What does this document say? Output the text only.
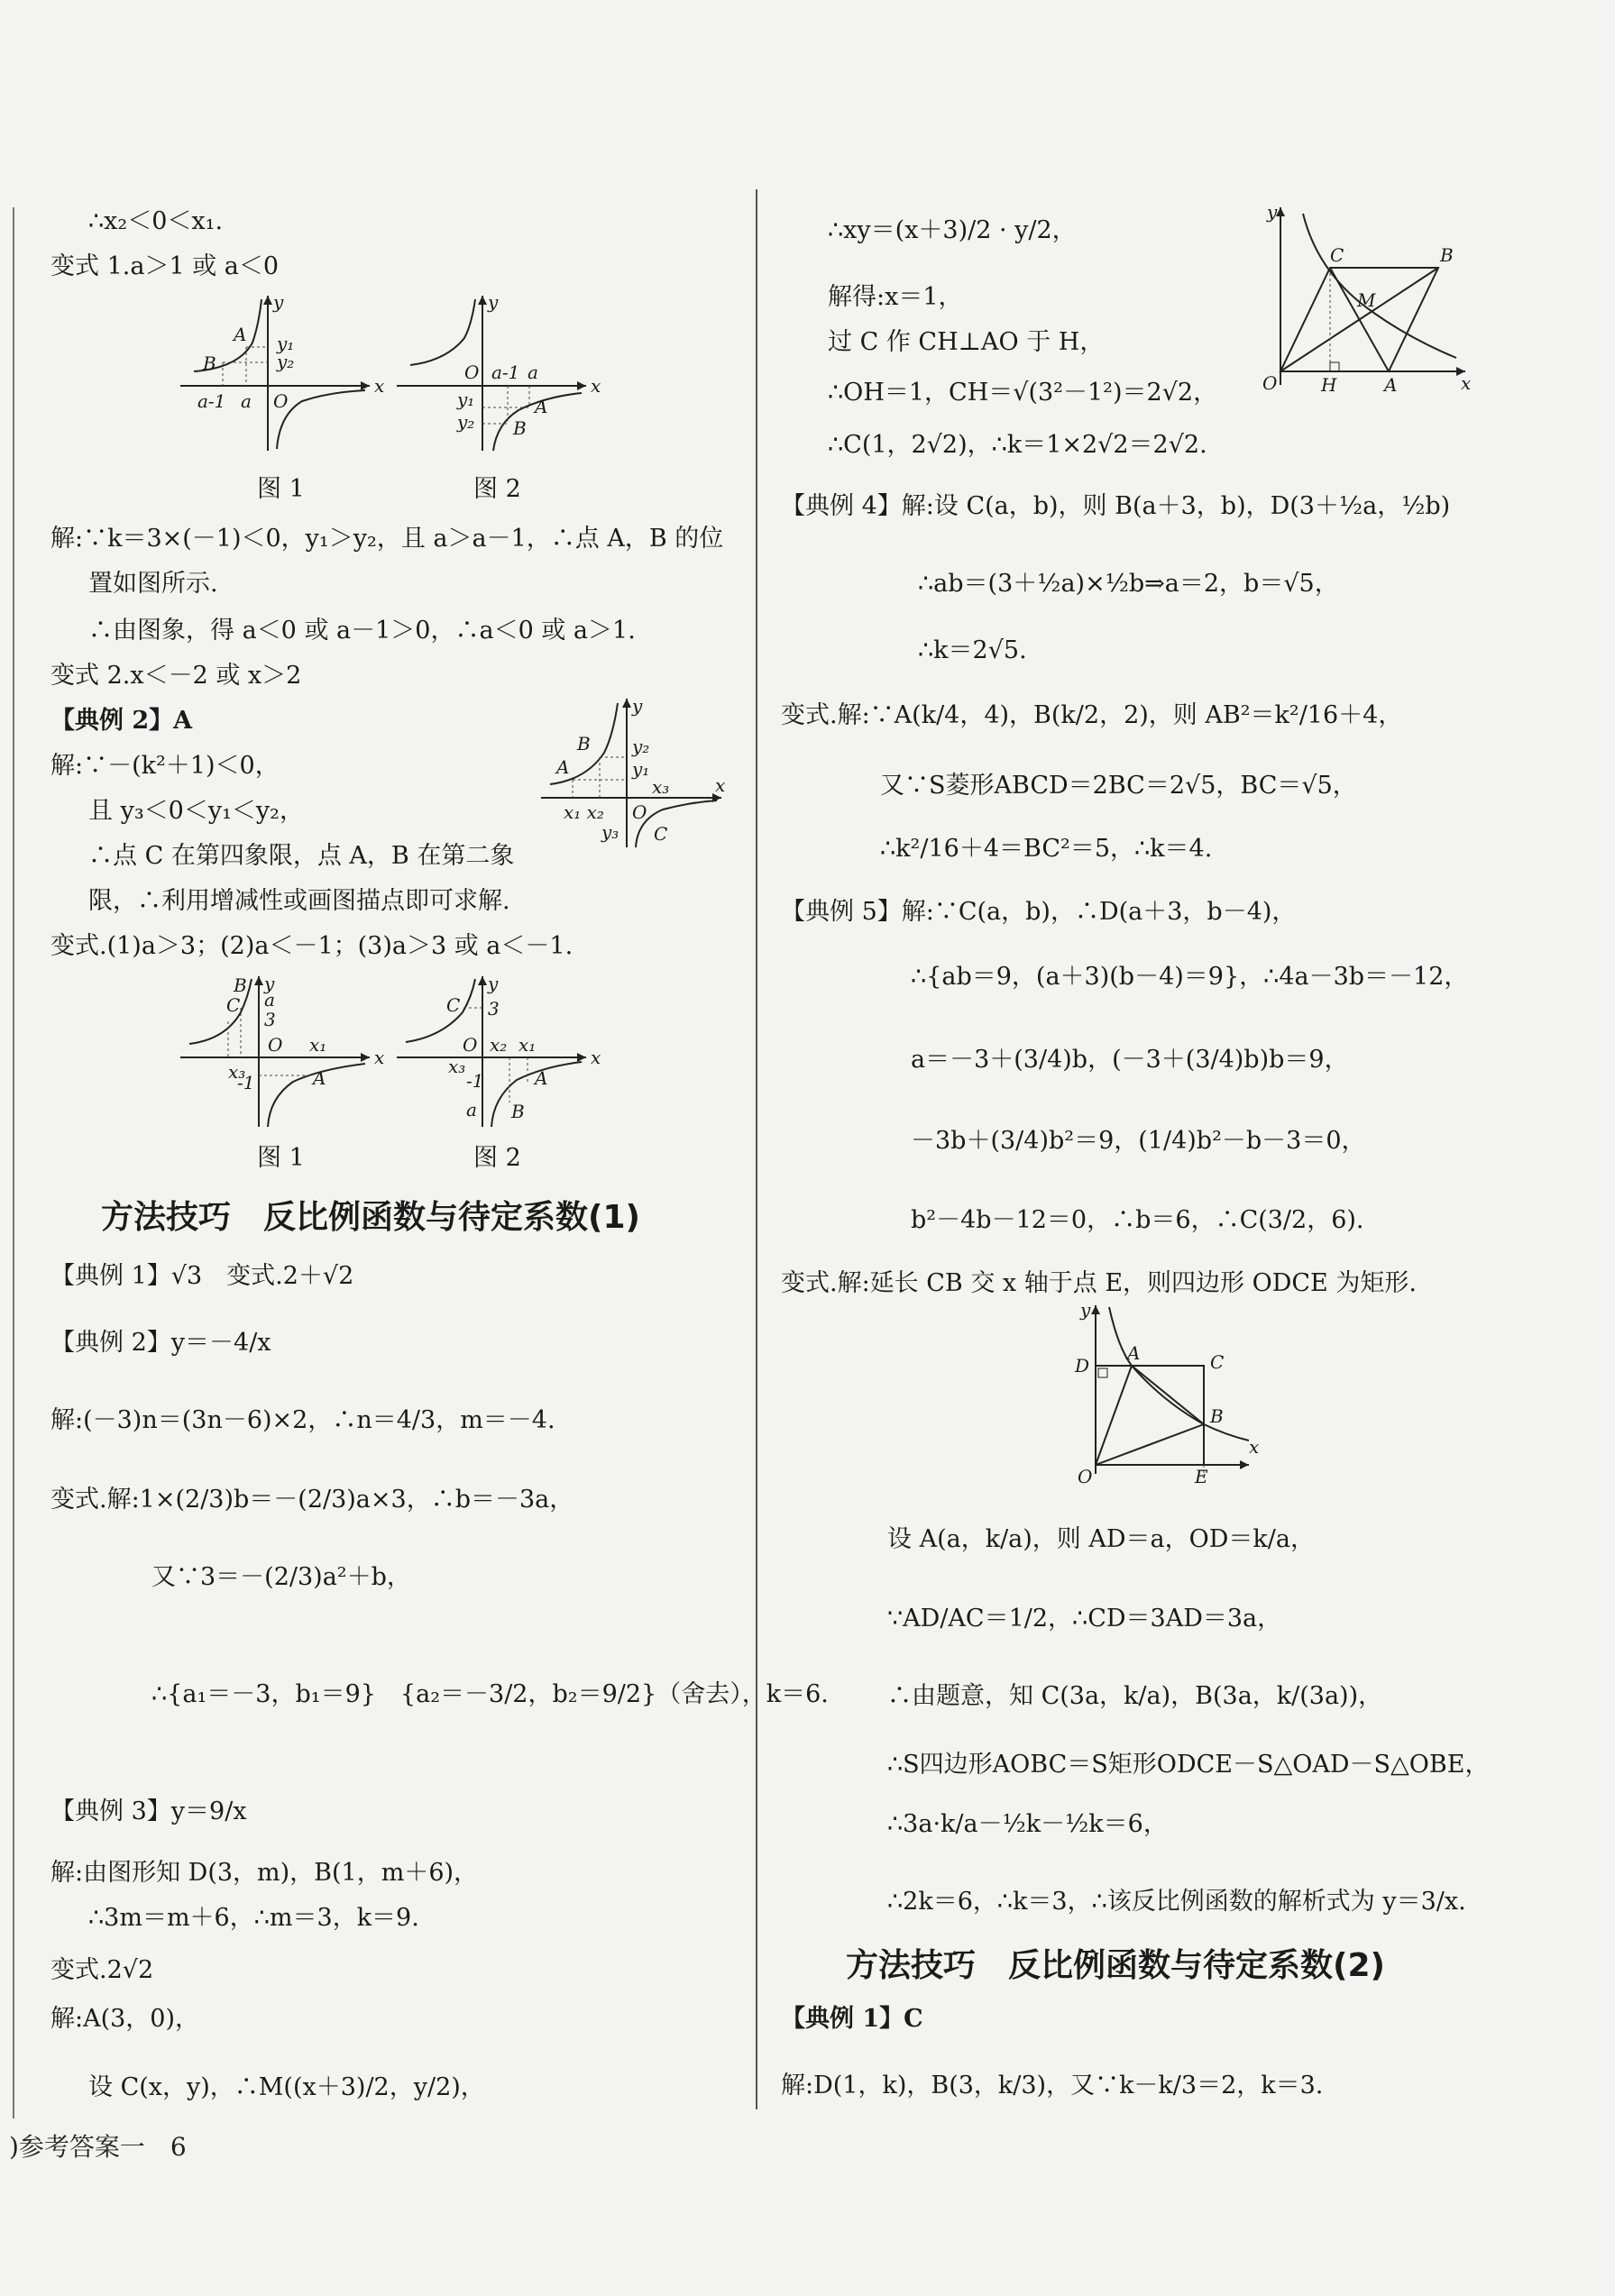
∴x₂＜0＜x₁.
变式 1.a＞1 或 a＜0
y
x
B
A y₁
y₂
a-1 a O
y
x
O a-1 a
y₁
y₂
A
B
图 1	图 2
解:∵k＝3×(－1)＜0，y₁＞y₂，且 a＞a－1，∴点 A，B 的位
置如图所示.
∴由图象，得 a＜0 或 a－1＞0，∴a＜0 或 a＞1.
变式 2.x＜－2 或 x＞2
【典例 2】A
解:∵－(k²＋1)＜0，
且 y₃＜0＜y₁＜y₂，
∴点 C 在第四象限，点 A，B 在第二象
限，∴利用增减性或画图描点即可求解.
y
x
B
A
y₂
y₁
x₃
x₁ x₂ O
y₃ C
变式.(1)a＞3；(2)a＜－1；(3)a＞3 或 a＜－1.
y
x
B
C a
3
O x₁
x₃
-1	A
y
x
C 3
O x₂ x₁
x₃
-1	A
a B
图 1	图 2
方法技巧　反比例函数与待定系数(1)
【典例 1】√3　变式.2＋√2
【典例 2】y＝－4/x
解:(－3)n＝(3n－6)×2，∴n＝4/3，m＝－4.
变式.解:1×(2/3)b＝－(2/3)a×3，∴b＝－3a，
又∵3＝－(2/3)a²＋b，
∴{a₁＝－3，b₁＝9}　{a₂＝－3/2，b₂＝9/2}（舍去），k＝6.
【典例 3】y＝9/x
解:由图形知 D(3，m)，B(1，m＋6)，
∴3m＝m＋6，∴m＝3，k＝9.
变式.2√2
解:A(3，0)，
设 C(x，y)，∴M((x＋3)/2，y/2)，
)参考答案一　6
∴xy＝(x＋3)/2 · y/2，
解得:x＝1，
过 C 作 CH⊥AO 于 H，
∴OH＝1，CH＝√(3²－1²)＝2√2，
∴C(1，2√2)，∴k＝1×2√2＝2√2.
y
x
O H	A
C	B
M
【典例 4】解:设 C(a，b)，则 B(a＋3，b)，D(3＋½a，½b)
∴ab＝(3＋½a)×½b⇒a＝2，b＝√5，
∴k＝2√5.
变式.解:∵A(k/4，4)，B(k/2，2)，则 AB²＝k²/16＋4，
又∵S菱形ABCD＝2BC＝2√5，BC＝√5，
∴k²/16＋4＝BC²＝5，∴k＝4.
【典例 5】解:∵C(a，b)，∴D(a＋3，b－4)，
∴{ab＝9，(a＋3)(b－4)＝9}，∴4a－3b＝－12，
a＝－3＋(3/4)b，(－3＋(3/4)b)b＝9，
－3b＋(3/4)b²＝9，(1/4)b²－b－3＝0，
b²－4b－12＝0，∴b＝6，∴C(3/2，6).
变式.解:延长 CB 交 x 轴于点 E，则四边形 ODCE 为矩形.
y
x
O	E
D
A	C
B
设 A(a，k/a)，则 AD＝a，OD＝k/a，
∵AD/AC＝1/2，∴CD＝3AD＝3a，
∴由题意，知 C(3a，k/a)，B(3a，k/(3a))，
∴S四边形AOBC＝S矩形ODCE－S△OAD－S△OBE，
∴3a·k/a－½k－½k＝6，
∴2k＝6，∴k＝3，∴该反比例函数的解析式为 y＝3/x.
方法技巧　反比例函数与待定系数(2)
【典例 1】C
解:D(1，k)，B(3，k/3)，又∵k－k/3＝2，k＝3.
